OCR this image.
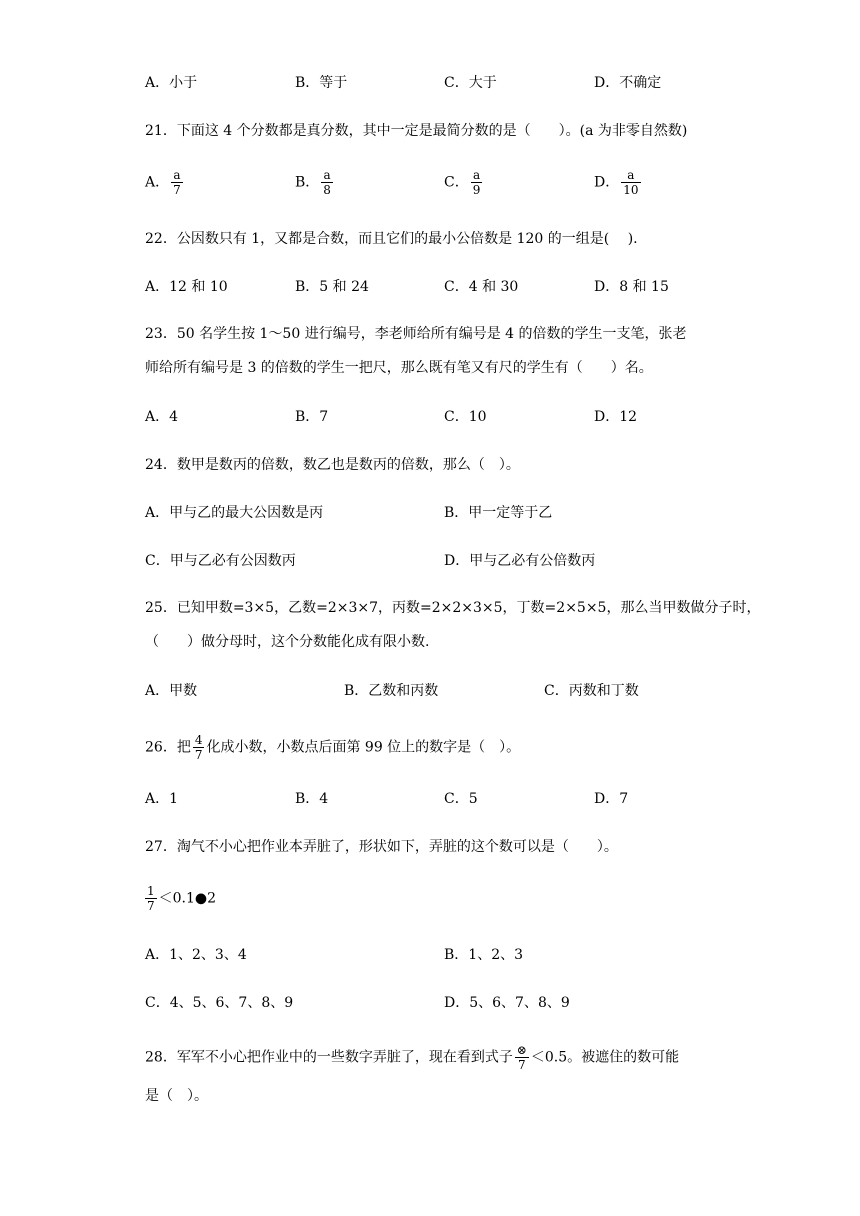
A．小于	B．等于	C．大于	D．不确定
21．下面这 4 个分数都是真分数，其中一定是最简分数的是（　　）。(a 为非零自然数)
A． $\frac{a}{7}$	B． $\frac{a}{8}$	C． $\frac{a}{9}$	D． $\frac{a}{10}$
22．公因数只有 1，又都是合数，而且它们的最小公倍数是 120 的一组是(　 ).
A．12 和 10	B．5 和 24	C．4 和 30	D．8 和 15
23．50 名学生按 1～50 进行编号，李老师给所有编号是 4 的倍数的学生一支笔，张老
师给所有编号是 3 的倍数的学生一把尺，那么既有笔又有尺的学生有（　　）名。
A．4	B．7	C．10	D．12
24．数甲是数丙的倍数，数乙也是数丙的倍数，那么（　）。
A．甲与乙的最大公因数是丙	B．甲一定等于乙
C．甲与乙必有公因数丙	D．甲与乙必有公倍数丙
25．已知甲数=3×5，乙数=2×3×7，丙数=2×2×3×5，丁数=2×5×5，那么当甲数做分子时，
（　　）做分母时，这个分数能化成有限小数.
A．甲数	B．乙数和丙数	C．丙数和丁数
26．把 $\frac{4}{7}$ 化成小数，小数点后面第 99 位上的数字是（　）。
A．1	B．4	C．5	D．7
27．淘气不小心把作业本弄脏了，形状如下，弄脏的这个数可以是（　　）。
$\frac{1}{7}$ ＜0.1●2
A．1、2、3、4	B．1、2、3
C．4、5、6、7、8、9	D．5、6、7、8、9
28．军军不小心把作业中的一些数字弄脏了，现在看到式子 $\frac{\otimes}{7} <0.5$。被遮住的数可能
是（　）。
